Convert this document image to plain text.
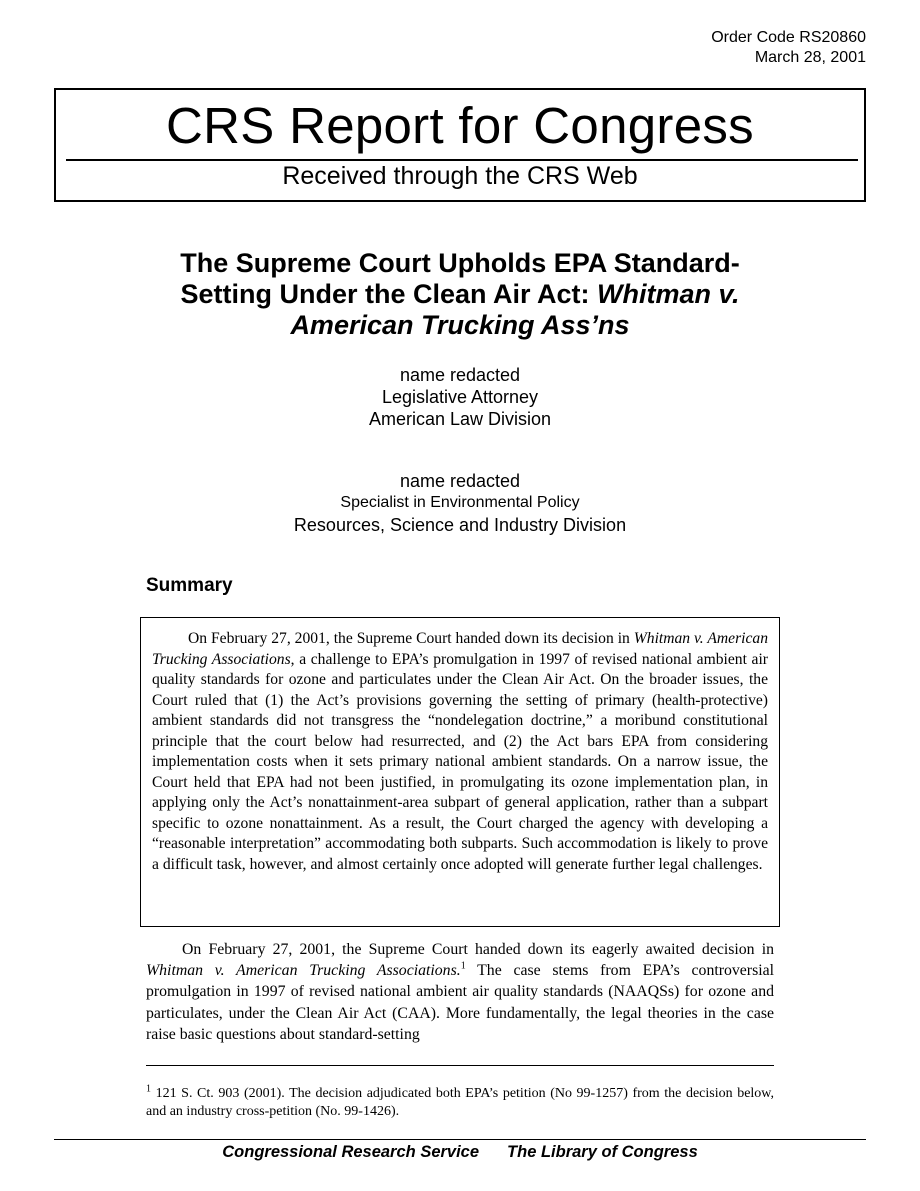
Order Code RS20860
March 28, 2001
CRS Report for Congress
Received through the CRS Web
The Supreme Court Upholds EPA Standard-
Setting Under the Clean Air Act: Whitman v.
American Trucking Ass’ns
name redacted
Legislative Attorney
American Law Division
name redacted
Specialist in Environmental Policy
Resources, Science and Industry Division
Summary

On February 27, 2001, the Supreme Court handed down its decision in Whitman v. American Trucking Associations, a challenge to EPA’s promulgation in 1997 of revised national ambient air quality standards for ozone and particulates under the Clean Air Act. On the broader issues, the Court ruled that (1) the Act’s provisions governing the setting of primary (health-protective) ambient standards did not transgress the “nondelegation doctrine,” a moribund constitutional principle that the court below had resurrected, and (2) the Act bars EPA from considering implementation costs when it sets primary national ambient standards. On a narrow issue, the Court held that EPA had not been justified, in promulgating its ozone implementation plan, in applying only the Act’s nonattainment-area subpart of general application, rather than a subpart specific to ozone nonattainment. As a result, the Court charged the agency with developing a “reasonable interpretation” accommodating both subparts. Such accommodation is likely to prove a difficult task, however, and almost certainly once adopted will generate further legal challenges.

On February 27, 2001, the Supreme Court handed down its eagerly awaited decision in Whitman v. American Trucking Associations.$^1$ The case stems from EPA’s controversial promulgation in 1997 of revised national ambient air quality standards (NAAQSs) for ozone and particulates, under the Clean Air Act (CAA). More fundamentally, the legal theories in the case raise basic questions about standard-setting

$^1$ 121 S. Ct. 903 (2001). The decision adjudicated both EPA’s petition (No 99-1257) from the decision below, and an industry cross-petition (No. 99-1426).
Congressional Research Service The Library of Congress
